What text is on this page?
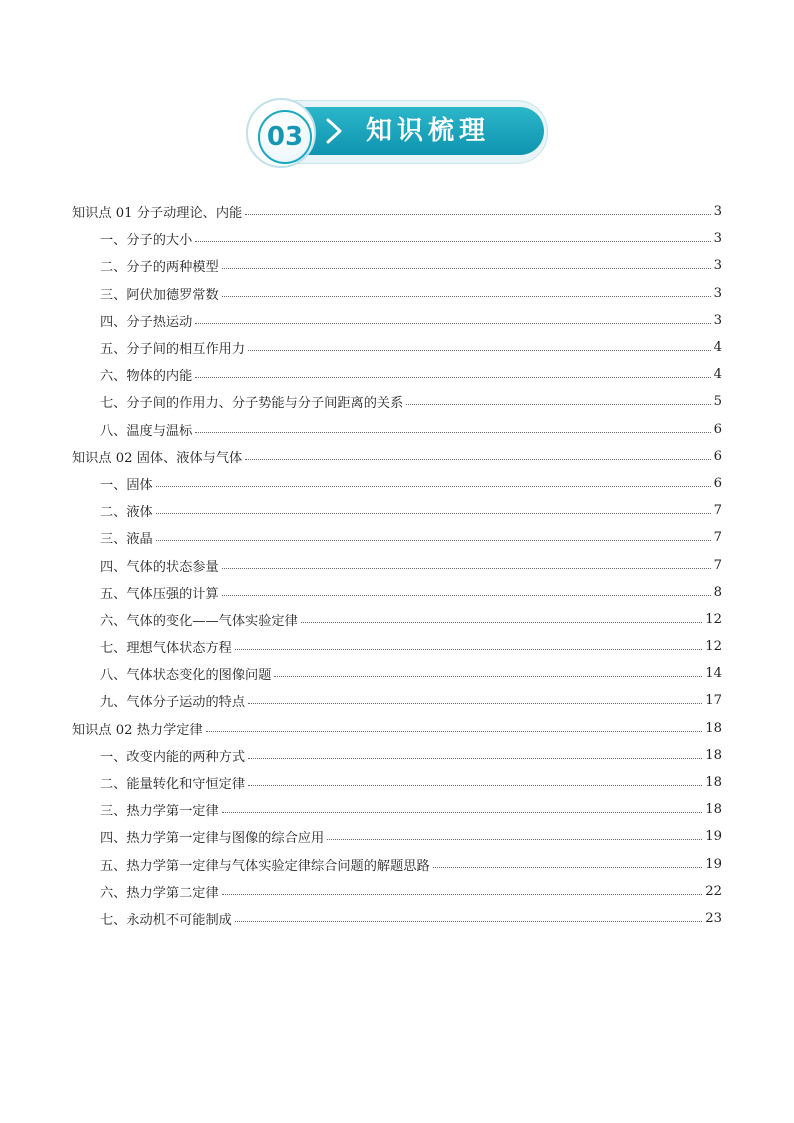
03	知识梳理
知识点 01 分子动理论、内能	3
一、分子的大小	3
二、分子的两种模型	3
三、阿伏加德罗常数	3
四、分子热运动	3
五、分子间的相互作用力	4
六、物体的内能	4
七、分子间的作用力、分子势能与分子间距离的关系	5
八、温度与温标	6
知识点 02 固体、液体与气体	6
一、固体	6
二、液体	7
三、液晶	7
四、气体的状态参量	7
五、气体压强的计算	8
六、气体的变化——气体实验定律	12
七、理想气体状态方程	12
八、气体状态变化的图像问题	14
九、气体分子运动的特点	17
知识点 02 热力学定律	18
一、改变内能的两种方式	18
二、能量转化和守恒定律	18
三、热力学第一定律	18
四、热力学第一定律与图像的综合应用	19
五、热力学第一定律与气体实验定律综合问题的解题思路	19
六、热力学第二定律	22
七、永动机不可能制成	23
